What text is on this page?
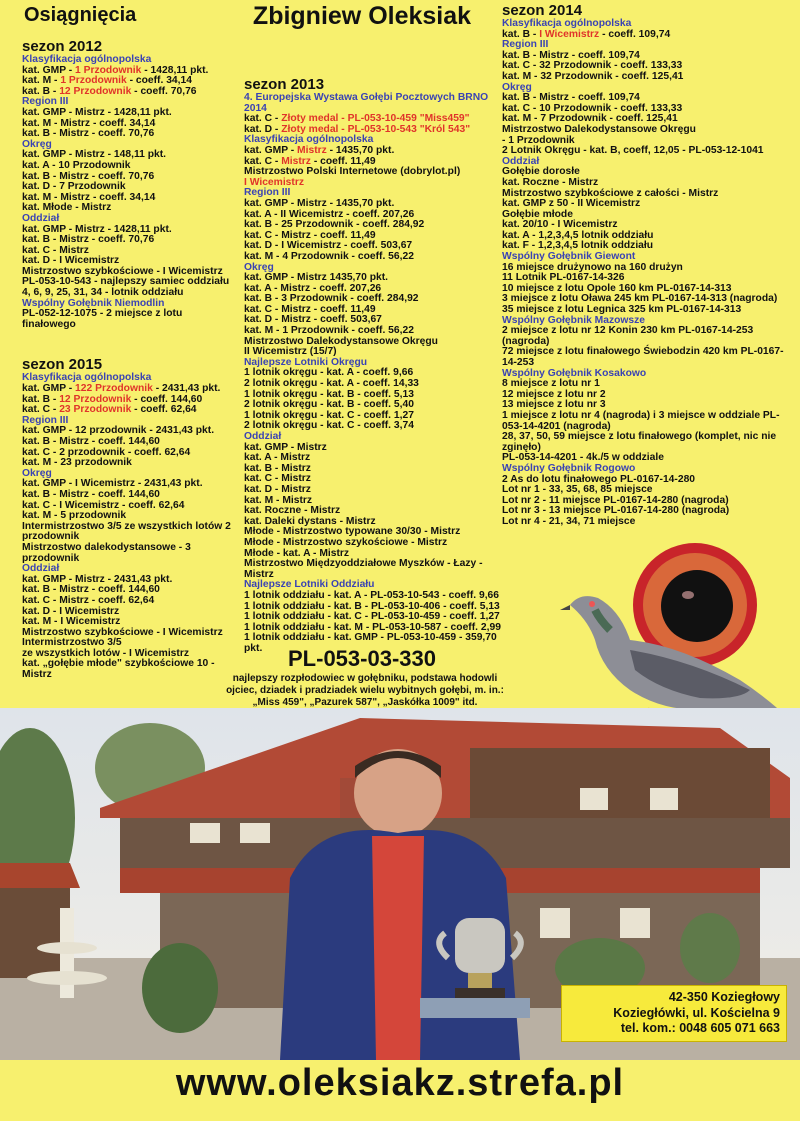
Osiągnięcia	Zbigniew Oleksiak
sezon 2012
Klasyfikacja ogólnopolska
kat. GMP - 1 Przodownik - 1428,11 pkt.
kat. M - 1 Przodownik - coeff. 34,14
kat. B - 12 Przodownik - coeff. 70,76
Region III
kat. GMP - Mistrz - 1428,11 pkt.
kat. M - Mistrz - coeff. 34,14
kat. B - Mistrz - coeff. 70,76
Okręg
kat. GMP - Mistrz - 148,11 pkt.
kat. A - 10 Przodownik
kat. B - Mistrz - coeff. 70,76
kat. D - 7 Przodownik
kat. M - Mistrz - coeff. 34,14
kat. Młode - Mistrz
Oddział
kat. GMP - Mistrz - 1428,11 pkt.
kat. B - Mistrz - coeff. 70,76
kat. C - Mistrz
kat. D - I Wicemistrz
Mistrzostwo szybkościowe - I Wicemistrz
PL-053-10-543 - najlepszy samiec oddziału
4, 6, 9, 25, 31, 34 - lotnik oddziału
Wspólny Gołębnik Niemodlin
PL-052-12-1075 - 2 miejsce z lotu finałowego
sezon 2015
Klasyfikacja ogólnopolska
kat. GMP - 122 Przodownik - 2431,43 pkt.
kat. B - 12 Przodownik - coeff. 144,60
kat. C - 23 Przodownik - coeff. 62,64
Region III
kat. GMP - 12 przodownik - 2431,43 pkt.
kat. B - Mistrz - coeff. 144,60
kat. C - 2 przodownik - coeff. 62,64
kat. M - 23 przodownik
Okręg
kat. GMP - I Wicemistrz - 2431,43 pkt.
kat. B - Mistrz - coeff. 144,60
kat. C - I Wicemistrz - coeff. 62,64
kat. M - 5 przodownik
Intermistrzostwo 3/5 ze wszystkich lotów 2 przodownik
Mistrzostwo dalekodystansowe - 3 przodownik
Oddział
kat. GMP - Mistrz - 2431,43 pkt.
kat. B - Mistrz - coeff. 144,60
kat. C - Mistrz - coeff. 62,64
kat. D - I Wicemistrz
kat. M - I Wicemistrz
Mistrzostwo szybkościowe - I Wicemistrz
Intermistrzostwo 3/5
ze wszystkich lotów - I Wicemistrz
kat. „gołębie młode" szybkościowe 10 - Mistrz
sezon 2013
4. Europejska Wystawa Gołębi Pocztowych BRNO 2014
kat. C - Złoty medal - PL-053-10-459 "Miss459"
kat. D - Złoty medal - PL-053-10-543 "Król 543"
Klasyfikacja ogólnopolska
kat. GMP - Mistrz - 1435,70 pkt.
kat. C - Mistrz - coeff. 11,49
Mistrzostwo Polski Internetowe (dobrylot.pl)
I Wicemistrz
Region III
kat. GMP - Mistrz - 1435,70 pkt.
kat. A - II Wicemistrz - coeff. 207,26
kat. B - 25 Przodownik - coeff. 284,92
kat. C - Mistrz - coeff. 11,49
kat. D - I Wicemistrz - coeff. 503,67
kat. M - 4 Przodownik - coeff. 56,22
Okręg
kat. GMP - Mistrz 1435,70 pkt.
kat. A - Mistrz - coeff. 207,26
kat. B - 3 Przodownik - coeff. 284,92
kat. C - Mistrz - coeff. 11,49
kat. D - Mistrz - coeff. 503,67
kat. M - 1 Przodownik - coeff. 56,22
Mistrzostwo Dalekodystansowe Okręgu
II Wicemistrz (15/7)
Najlepsze Lotniki Okręgu
1 lotnik okręgu - kat. A - coeff. 9,66
2 lotnik okręgu - kat. A - coeff. 14,33
1 lotnik okręgu - kat. B - coeff. 5,13
2 lotnik okręgu - kat. B - coeff. 5,40
1 lotnik okręgu - kat. C - coeff. 1,27
2 lotnik okręgu - kat. C - coeff. 3,74
Oddział
kat. GMP - Mistrz
kat. A - Mistrz
kat. B - Mistrz
kat. C - Mistrz
kat. D - Mistrz
kat. M - Mistrz
kat. Roczne - Mistrz
kat. Daleki dystans - Mistrz
Młode - Mistrzostwo typowane 30/30 - Mistrz
Młode - Mistrzostwo szykościowe - Mistrz
Młode - kat. A - Mistrz
Mistrzostwo Międzyoddziałowe Myszków - Łazy - Mistrz
Najlepsze Lotniki Oddziału
1 lotnik oddziału - kat. A - PL-053-10-543 - coeff. 9,66
1 lotnik oddziału - kat. B - PL-053-10-406 - coeff. 5,13
1 lotnik oddziału - kat. C - PL-053-10-459 - coeff. 1,27
1 lotnik oddziału - kat. M - PL-053-10-587 - coeff. 2,99
1 lotnik oddziału - kat. GMP - PL-053-10-459 - 359,70 pkt.
sezon 2014
Klasyfikacja ogólnopolska
kat. B - I Wicemistrz - coeff. 109,74
Region III
kat. B - Mistrz - coeff. 109,74
kat. C - 32 Przodownik - coeff. 133,33
kat. M - 32 Przodownik - coeff. 125,41
Okręg
kat. B - Mistrz - coeff. 109,74
kat. C - 10 Przodownik - coeff. 133,33
kat. M - 7 Przodownik - coeff. 125,41
Mistrzostwo Dalekodystansowe Okręgu
- 1 Przodownik
2 Lotnik Okręgu - kat. B, coeff, 12,05 - PL-053-12-1041
Oddział
Gołębie dorosłe
kat. Roczne - Mistrz
Mistrzostwo szybkościowe z całości - Mistrz
kat. GMP z 50 - II Wicemistrz
Gołębie młode
kat. 20/10 - I Wicemistrz
kat. A - 1,2,3,4,5 lotnik oddziału
kat. F - 1,2,3,4,5 lotnik oddziału
Wspólny Gołębnik Giewont
16 miejsce drużynowo na 160 drużyn
11 Lotnik PL-0167-14-326
10 miejsce z lotu Opole 160 km PL-0167-14-313
3 miejsce z lotu Oława 245 km PL-0167-14-313 (nagroda)
35 miejsce z lotu Legnica 325 km PL-0167-14-313
Wspólny Gołębnik Mazowsze
2 miejsce z lotu nr 12 Konin 230 km PL-0167-14-253 (nagroda)
72 miejsce z lotu finałowego Świebodzin 420 km PL-0167-14-253
Wspólny Gołębnik Kosakowo
8 miejsce z lotu nr 1
12 miejsce z lotu nr 2
13 miejsce z lotu nr 3
1 miejsce z lotu nr 4 (nagroda) i 3 miejsce w oddziale PL-053-14-4201 (nagroda)
28, 37, 50, 59 miejsce z lotu finałowego (komplet, nic nie zginęło)
PL-053-14-4201 - 4k./5 w oddziale
Wspólny Gołębnik Rogowo
2 As do lotu finałowego PL-0167-14-280
Lot nr 1 - 33, 35, 68, 85 miejsce
Lot nr 2 - 11 miejsce PL-0167-14-280 (nagroda)
Lot nr 3 - 13 miejsce PL-0167-14-280 (nagroda)
Lot nr 4 - 21, 34, 71 miejsce
PL-053-03-330
najlepszy rozpłodowiec w gołębniku, podstawa hodowli
ojciec, dziadek i pradziadek wielu wybitnych gołębi, m. in.:
„Miss 459", „Pazurek 587", „Jaskółka 1009" itd.
42-350 Koziegłowy
Koziegłówki, ul. Kościelna 9
tel. kom.: 0048 605 071 663
www.oleksiakz.strefa.pl
